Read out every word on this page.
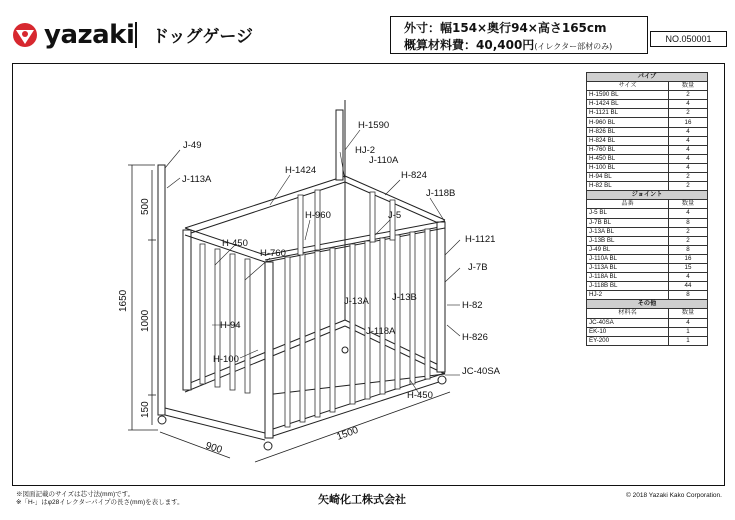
yazaki ドッグゲージ	外寸：幅154×奥行94×高さ165cm
概算材料費：40,400円(イレクター部材のみ)
NO.050001
J-49
J-113A
H-1590
HJ-2
J-110A
H-1424	H-824
J-118B
H-960	J-5
H-450
H-760
H-1121
J-7B
J-13A J-13B
H-82
H-94
J-118A
H-826
H-100
JC-40SA
H-450
500
1650
1000
150
900
1500
パイプ	
サイズ	数量
H-1590 BL	2
H-1424 BL	4
H-1121 BL	2
H-960 BL	16
H-826 BL	4
H-824 BL	4
H-760 BL	4
H-450 BL	4
H-100 BL	4
H-94 BL	2
H-82 BL	2
ジョイント	
品番	数量
J-5 BL	4
J-7B BL	8
J-13A BL	2
J-13B BL	2
J-49 BL	8
J-110A BL	16
J-113A BL	15
J-118A BL	4
J-118B BL	44
HJ-2	8
その他	
材料名	数量
JC-40SA	4
EK-10	1
EY-200	1
※図面記載のサイズは芯寸法(mm)です。
※「H-」はφ28イレクターパイプの長さ(mm)を表します。	矢崎化工株式会社	© 2018 Yazaki Kako Corporation.
